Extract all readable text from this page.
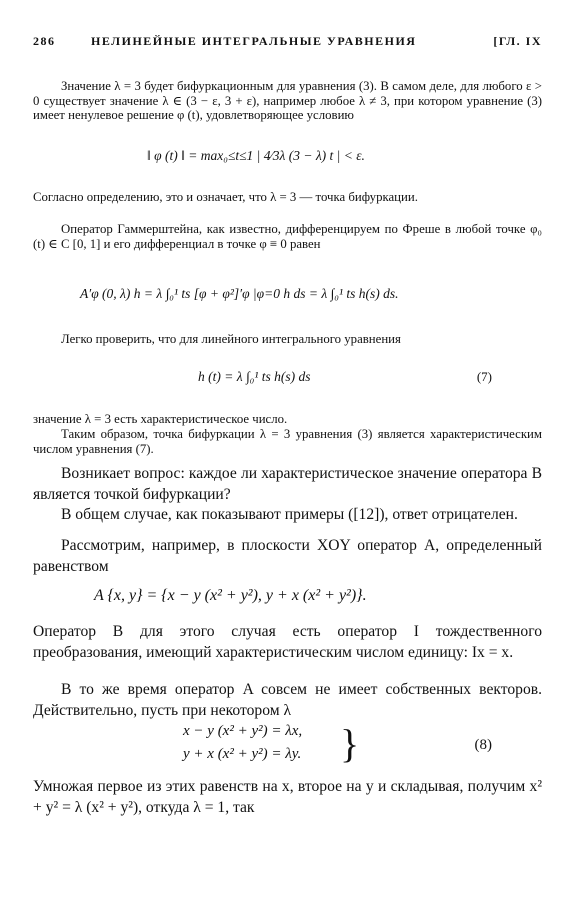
286	НЕЛИНЕЙНЫЕ ИНТЕГРАЛЬНЫЕ УРАВНЕНИЯ	[ГЛ. IX

Значение λ = 3 будет бифуркационным для уравнения (3). В самом деле, для любого ε > 0 существует значение λ ∈ (3 − ε, 3 + ε), например любое λ ≠ 3, при котором уравнение (3) имеет ненулевое решение φ (t), удовлетворяющее условию

‖ φ (t) ‖ = max₀≤t≤1 | 4⁄3λ (3 − λ) t | < ε.

Согласно определению, это и означает, что λ = 3 — точка бифуркации.

Оператор Гаммерштейна, как известно, дифференцируем по Фреше в любой точке φ₀ (t) ∈ C [0, 1] и его дифференциал в точке φ ≡ 0 равен

A′φ (0, λ) h = λ ∫₀¹ ts [φ + φ²]′φ |φ=0 h ds = λ ∫₀¹ ts h(s) ds.

Легко проверить, что для линейного интегрального уравнения

h (t) = λ ∫₀¹ ts h(s) ds	(7)

значение λ = 3 есть характеристическое число.

Таким образом, точка бифуркации λ = 3 уравнения (3) является характеристическим числом уравнения (7).

Возникает вопрос: каждое ли характеристическое значение оператора B является точкой бифуркации?

В общем случае, как показывают примеры ([12]), ответ отрицателен.

Рассмотрим, например, в плоскости XOY оператор A, определенный равенством

A {x, y} = {x − y (x² + y²), y + x (x² + y²)}.

Оператор B для этого случая есть оператор I тождественного преобразования, имеющий характеристическим числом единицу: Ix = x.

В то же время оператор A совсем не имеет собственных векторов. Действительно, пусть при некотором λ

x − y (x² + y²) = λx,
y + x (x² + y²) = λy. }	(8)

Умножая первое из этих равенств на x, второе на y и складывая, получим x² + y² = λ (x² + y²), откуда λ = 1, так
